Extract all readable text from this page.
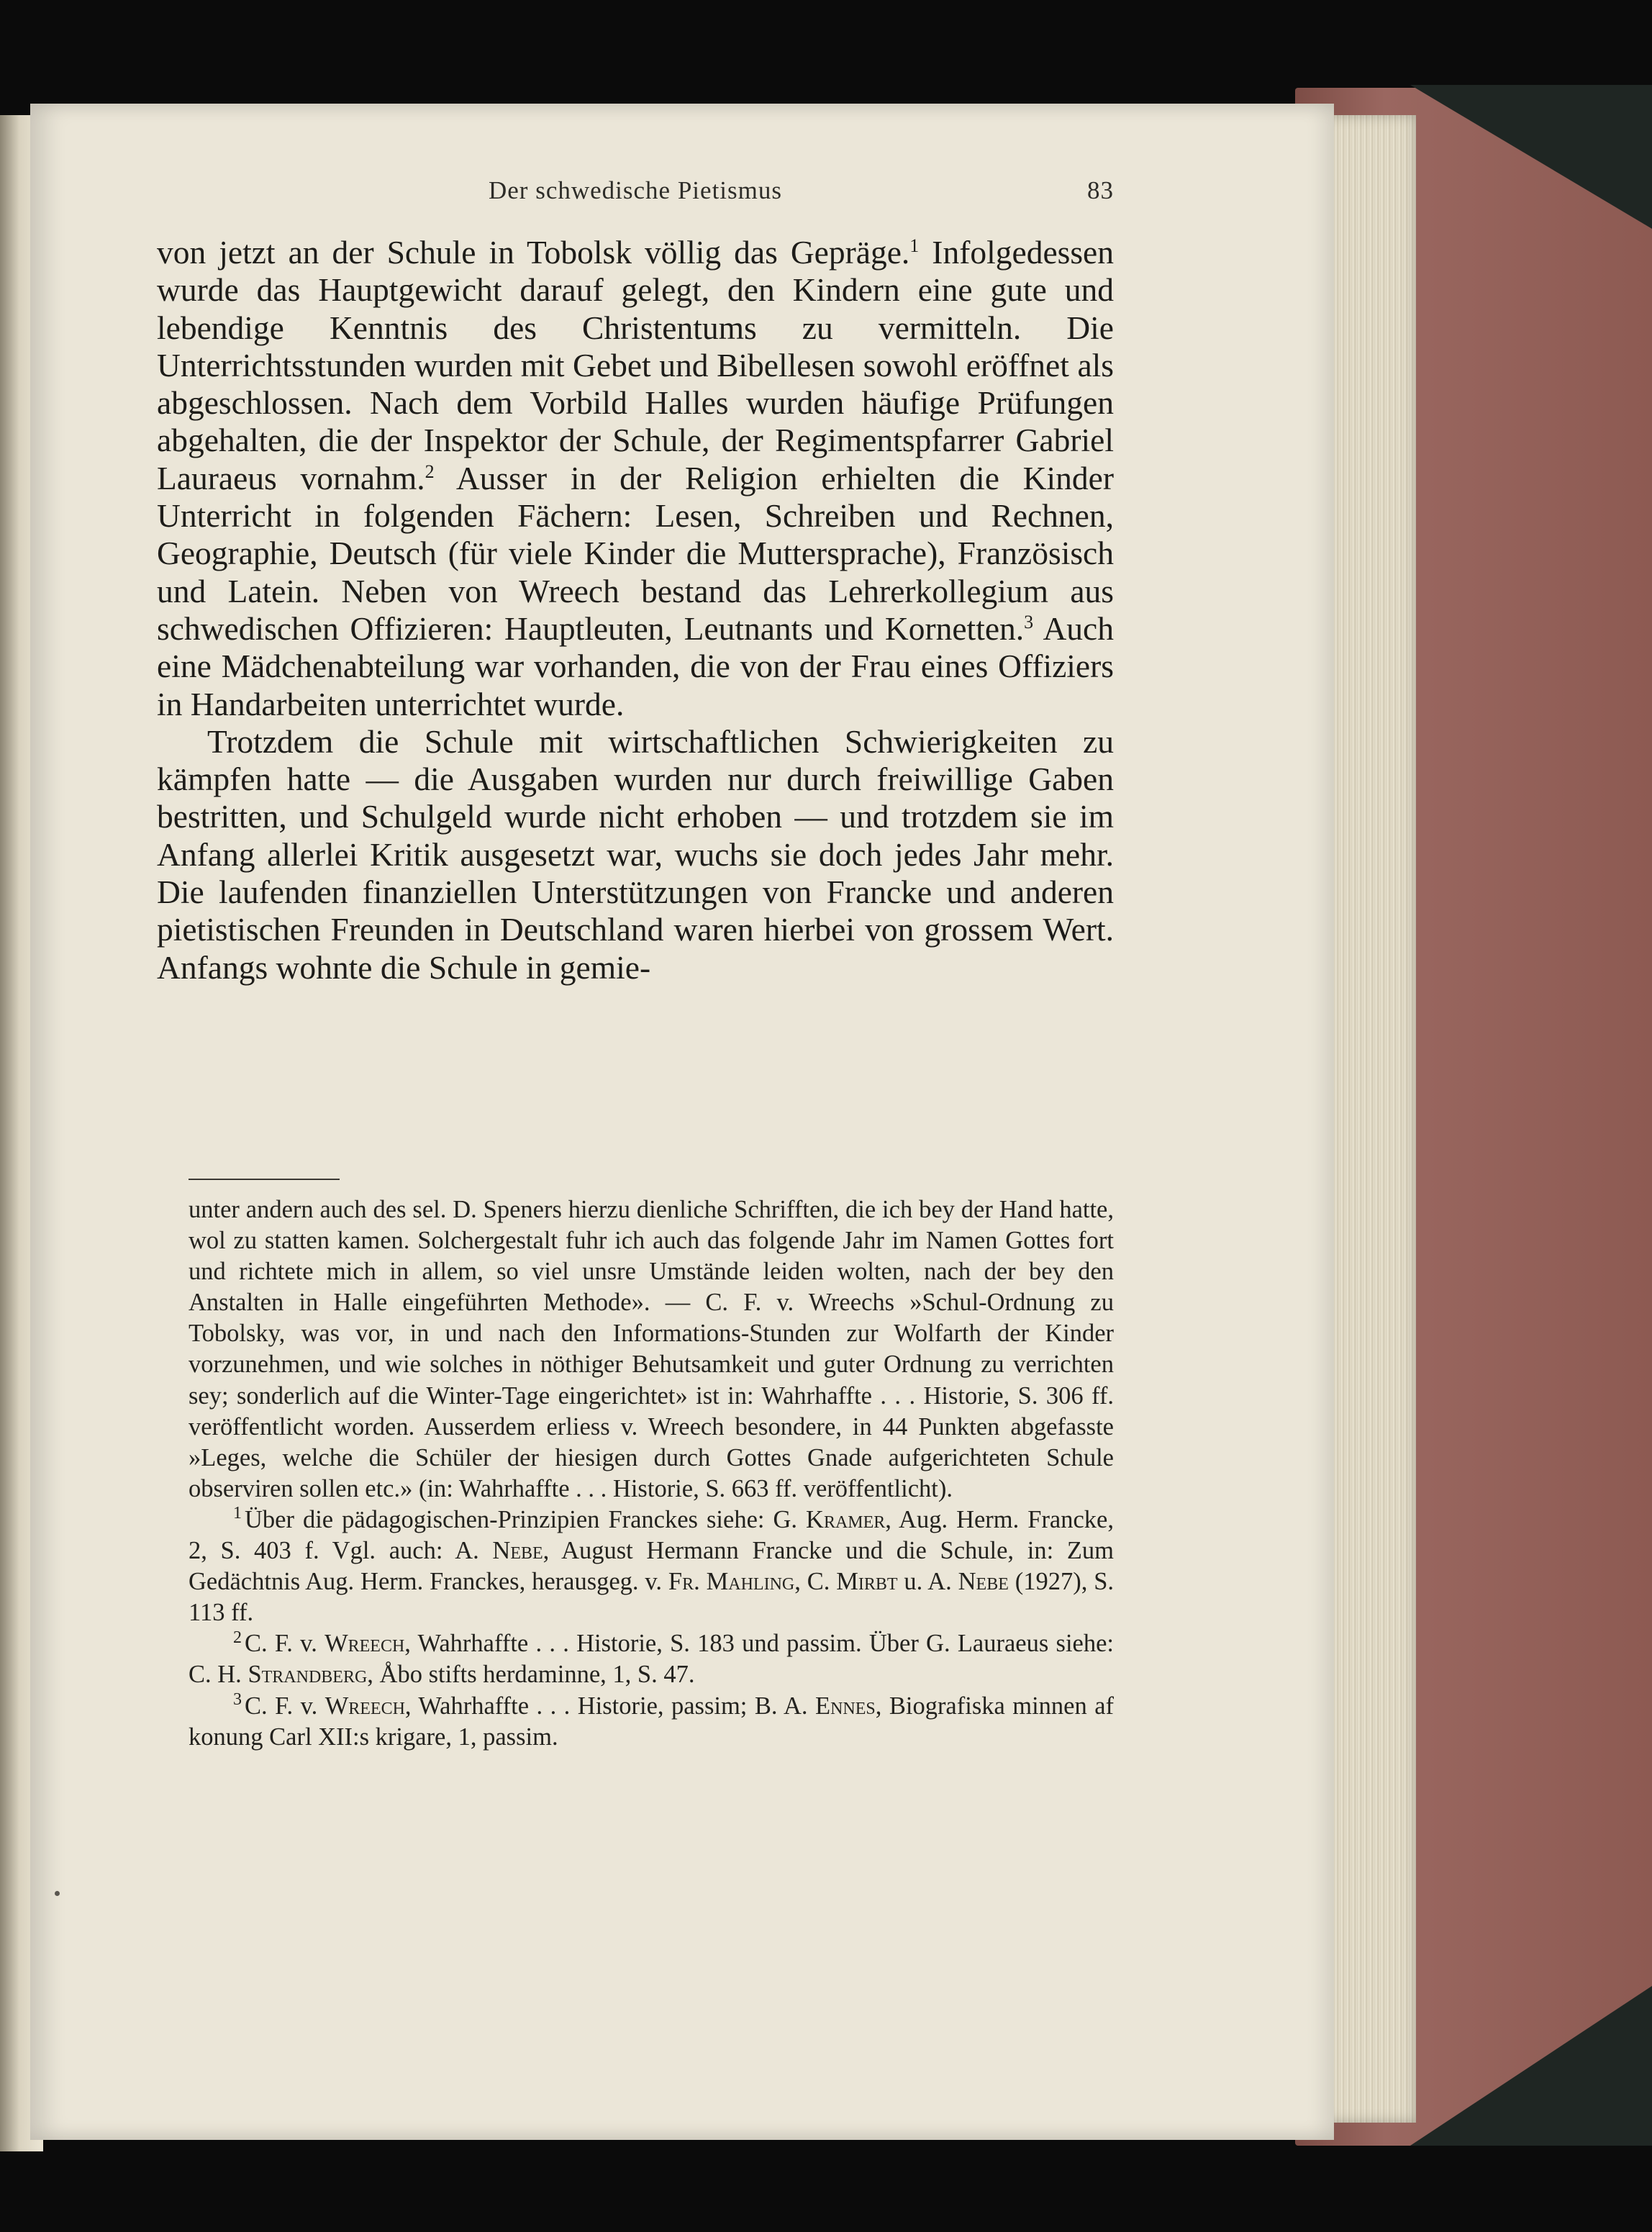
Der schwedische Pietismus	83

von jetzt an der Schule in Tobolsk völlig das Gepräge.$^1$ Infolgedessen wurde das Hauptgewicht darauf gelegt, den Kindern eine gute und lebendige Kenntnis des Christentums zu vermitteln. Die Unterrichtsstunden wurden mit Gebet und Bibellesen sowohl eröffnet als abgeschlossen. Nach dem Vorbild Halles wurden häufige Prüfungen abgehalten, die der Inspektor der Schule, der Regimentspfarrer Gabriel Lauraeus vornahm.$^2$ Ausser in der Religion erhielten die Kinder Unterricht in folgenden Fächern: Lesen, Schreiben und Rechnen, Geographie, Deutsch (für viele Kinder die Muttersprache), Französisch und Latein. Neben von Wreech bestand das Lehrerkollegium aus schwedischen Offizieren: Hauptleuten, Leutnants und Kornetten.$^3$ Auch eine Mädchenabteilung war vorhanden, die von der Frau eines Offiziers in Handarbeiten unterrichtet wurde.

Trotzdem die Schule mit wirtschaftlichen Schwierigkeiten zu kämpfen hatte — die Ausgaben wurden nur durch freiwillige Gaben bestritten, und Schulgeld wurde nicht erhoben — und trotzdem sie im Anfang allerlei Kritik ausgesetzt war, wuchs sie doch jedes Jahr mehr. Die laufenden finanziellen Unterstützungen von Francke und anderen pietistischen Freunden in Deutschland waren hierbei von grossem Wert. Anfangs wohnte die Schule in gemie-

unter andern auch des sel. D. Speners hierzu dienliche Schrifften, die ich bey der Hand hatte, wol zu statten kamen. Solchergestalt fuhr ich auch das folgende Jahr im Namen Gottes fort und richtete mich in allem, so viel unsre Umstände leiden wolten, nach der bey den Anstalten in Halle eingeführten Methode». — C. F. v. Wreechs »Schul-Ordnung zu Tobolsky, was vor, in und nach den Informations-Stunden zur Wolfarth der Kinder vorzunehmen, und wie solches in nöthiger Behutsamkeit und guter Ordnung zu verrichten sey; sonderlich auf die Winter-Tage eingerichtet» ist in: Wahrhaffte . . . Historie, S. 306 ff. veröffentlicht worden. Ausserdem erliess v. Wreech besondere, in 44 Punkten abgefasste »Leges, welche die Schüler der hiesigen durch Gottes Gnade aufgerichteten Schule observiren sollen etc.» (in: Wahrhaffte . . . Historie, S. 663 ff. veröffentlicht).

$^1$ Über die pädagogischen-Prinzipien Franckes siehe: G. Kramer, Aug. Herm. Francke, 2, S. 403 f. Vgl. auch: A. Nebe, August Hermann Francke und die Schule, in: Zum Gedächtnis Aug. Herm. Franckes, herausgeg. v. Fr. Mahling, C. Mirbt u. A. Nebe (1927), S. 113 ff.

$^2$ C. F. v. Wreech, Wahrhaffte . . . Historie, S. 183 und passim. Über G. Lauraeus siehe: C. H. Strandberg, Åbo stifts herdaminne, 1, S. 47.

$^3$ C. F. v. Wreech, Wahrhaffte . . . Historie, passim; B. A. Ennes, Biografiska minnen af konung Carl XII:s krigare, 1, passim.
